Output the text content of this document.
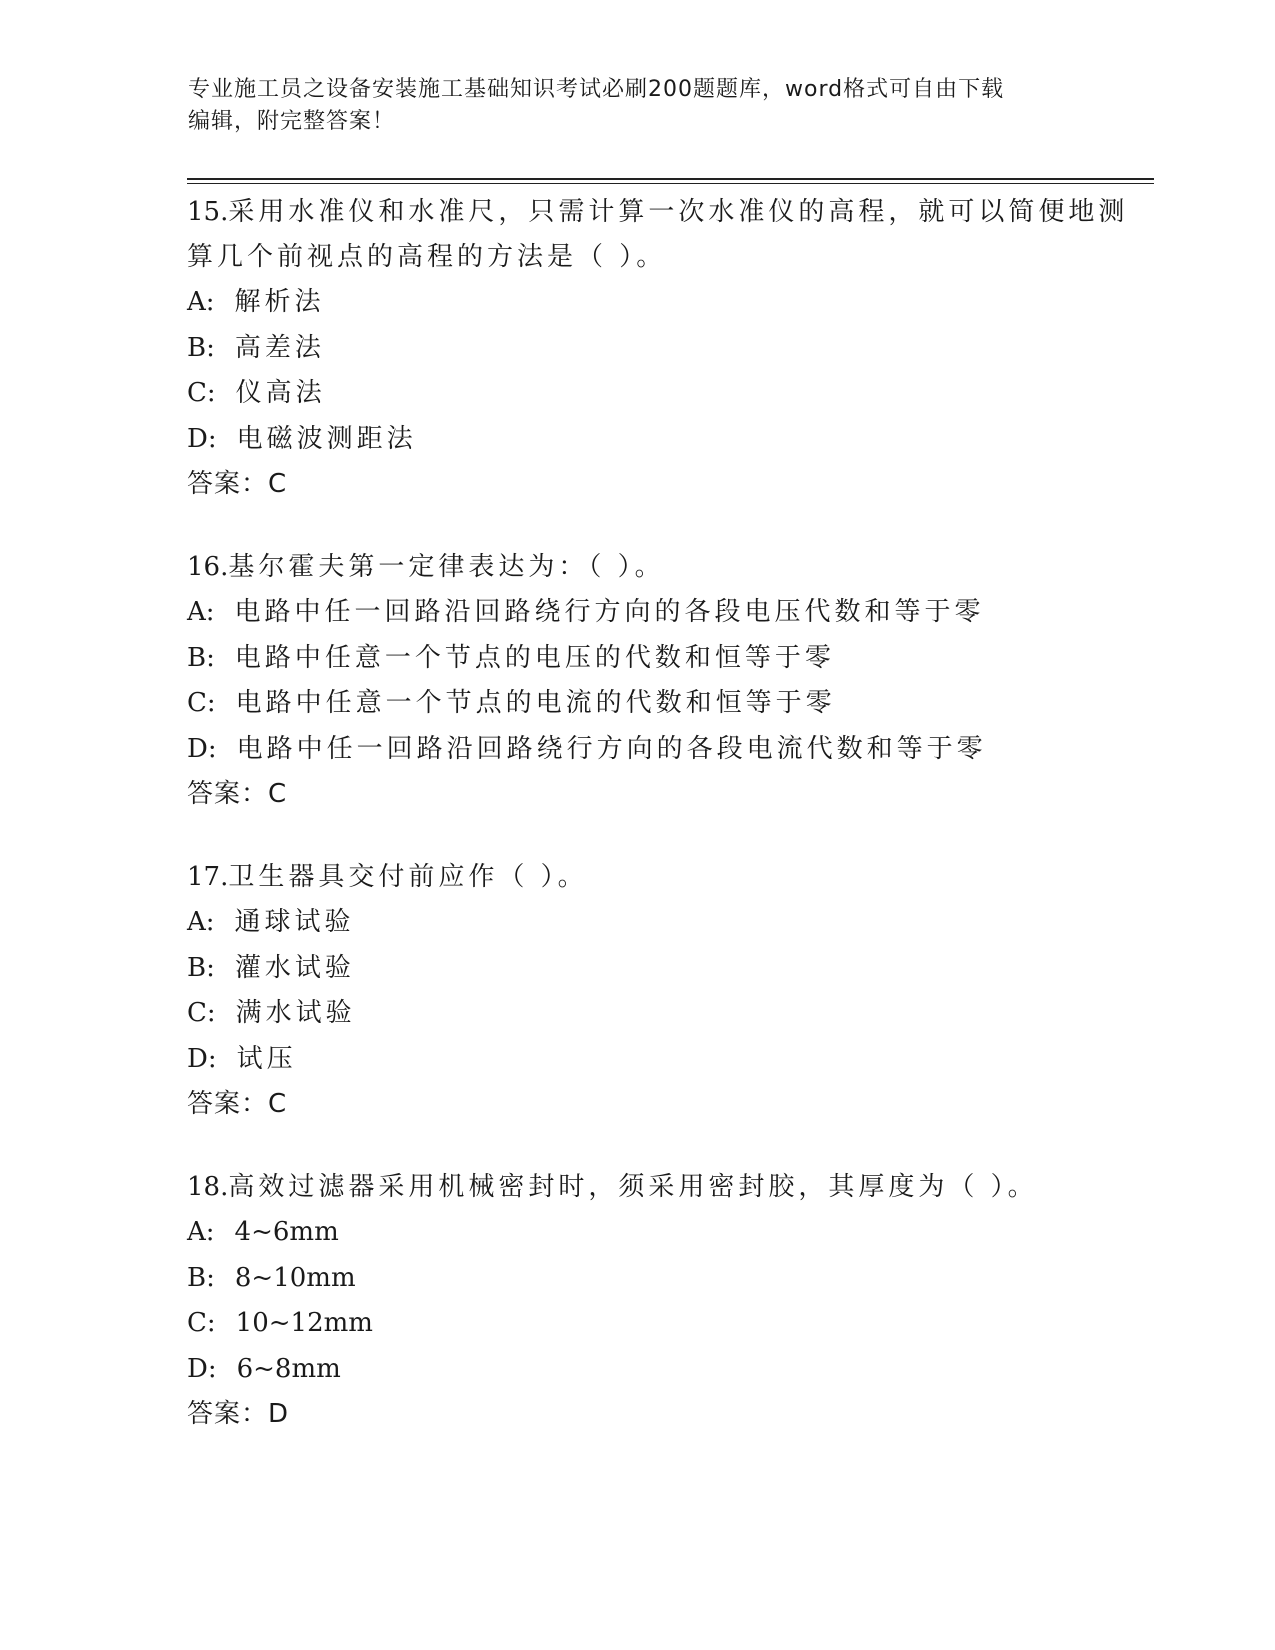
专业施工员之设备安装施工基础知识考试必刷200题题库，word格式可自由下载
编辑，附完整答案！
15.采用水准仪和水准尺，只需计算一次水准仪的高程，就可以简便地测算几个前视点的高程的方法是（ ）。
A: 解析法
B: 高差法
C: 仪高法
D: 电磁波测距法
答案：C
16.基尔霍夫第一定律表达为：（ ）。
A: 电路中任一回路沿回路绕行方向的各段电压代数和等于零
B: 电路中任意一个节点的电压的代数和恒等于零
C: 电路中任意一个节点的电流的代数和恒等于零
D: 电路中任一回路沿回路绕行方向的各段电流代数和等于零
答案：C
17.卫生器具交付前应作（ ）。
A: 通球试验
B: 灌水试验
C: 满水试验
D: 试压
答案：C
18.高效过滤器采用机械密封时，须采用密封胶，其厚度为（ ）。
A: 4~6mm
B: 8~10mm
C: 10~12mm
D: 6~8mm
答案：D
